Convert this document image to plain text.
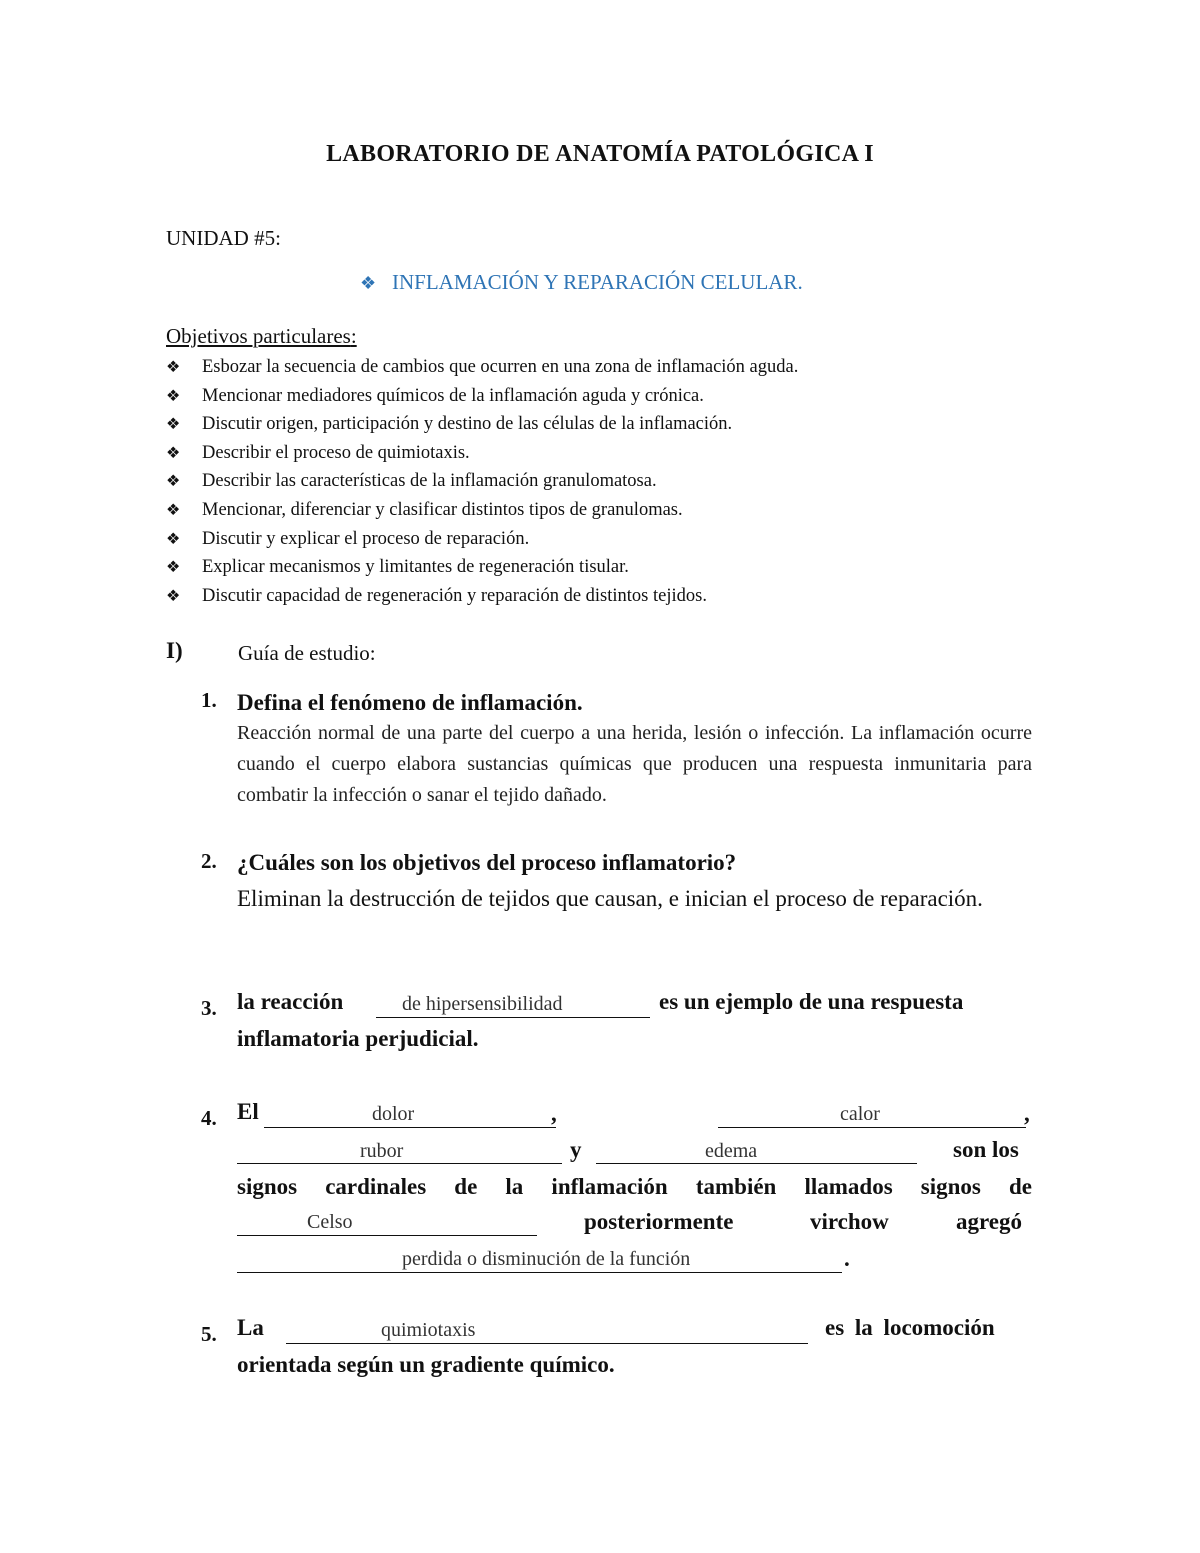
LABORATORIO DE ANATOMÍA PATOLÓGICA I
UNIDAD #5:
❖ INFLAMACIÓN Y REPARACIÓN CELULAR.
Objetivos particulares:
❖ Esbozar la secuencia de cambios que ocurren en una zona de inflamación aguda.
❖ Mencionar mediadores químicos de la inflamación aguda y crónica.
❖ Discutir origen, participación y destino de las células de la inflamación.
❖ Describir el proceso de quimiotaxis.
❖ Describir las características de la inflamación granulomatosa.
❖ Mencionar, diferenciar y clasificar distintos tipos de granulomas.
❖ Discutir y explicar el proceso de reparación.
❖ Explicar mecanismos y limitantes de regeneración tisular.
❖ Discutir capacidad de regeneración y reparación de distintos tejidos.
I)	Guía de estudio:
1. Defina el fenómeno de inflamación.
Reacción normal de una parte del cuerpo a una herida, lesión o infección. La inflamación ocurre cuando el cuerpo elabora sustancias químicas que producen una respuesta inmunitaria para combatir la infección o sanar el tejido dañado.
2. ¿Cuáles son los objetivos del proceso inflamatorio?
Eliminan la destrucción de tejidos que causan, e inician el proceso de reparación.
3. la reacción	de hipersensibilidad	es un ejemplo de una respuesta
inflamatoria perjudicial.
4. El	dolor	,	calor	,
rubor	y	edema	son los
signos cardinales de la inflamación también llamados signos de
Celso	posteriormente	virchow	agregó
perdida o disminución de la función	.
5. La	quimiotaxis	es la locomoción
orientada según un gradiente químico.
